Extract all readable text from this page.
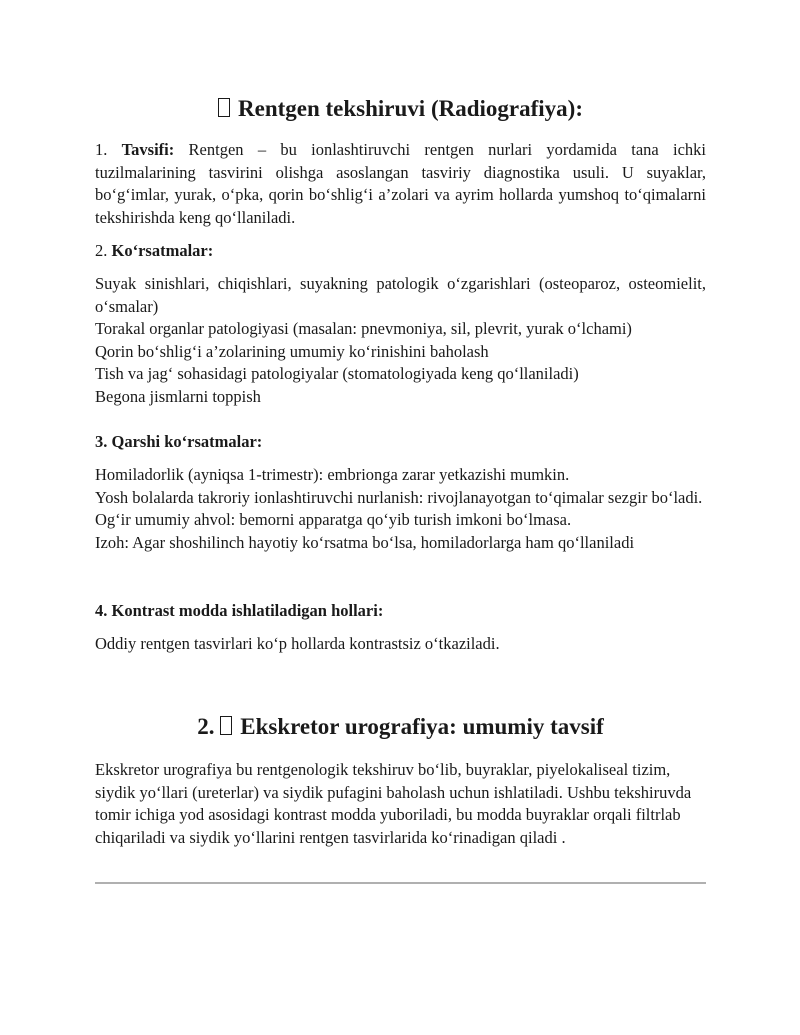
Rentgen tekshiruvi (Radiografiya):
1. Tavsifi: Rentgen – bu ionlashtiruvchi rentgen nurlari yordamida tana ichki tuzilmalarining tasvirini olishga asoslangan tasviriy diagnostika usuli. U suyaklar, bo‘g‘imlar, yurak, o‘pka, qorin bo‘shlig‘i a’zolari va ayrim hollarda yumshoq to‘qimalarni tekshirishda keng qo‘llaniladi.
2. Ko‘rsatmalar:
Suyak sinishlari, chiqishlari, suyakning patologik o‘zgarishlari (osteoparoz, osteomielit, o‘smalar)
Torakal organlar patologiyasi (masalan: pnevmoniya, sil, plevrit, yurak o‘lchami)
Qorin bo‘shlig‘i a’zolarining umumiy ko‘rinishini baholash
Tish va jag‘ sohasidagi patologiyalar (stomatologiyada keng qo‘llaniladi)
Begona jismlarni toppish
3. Qarshi ko‘rsatmalar:
Homiladorlik (ayniqsa 1-trimestr): embrionga zarar yetkazishi mumkin.
Yosh bolalarda takroriy ionlashtiruvchi nurlanish: rivojlanayotgan to‘qimalar sezgir bo‘ladi.
Og‘ir umumiy ahvol: bemorni apparatga qo‘yib turish imkoni bo‘lmasa.
Izoh: Agar shoshilinch hayotiy ko‘rsatma bo‘lsa, homiladorlarga ham qo‘llaniladi
4. Kontrast modda ishlatiladigan hollari:
Oddiy rentgen tasvirlari ko‘p hollarda kontrastsiz o‘tkaziladi.
2. Ekskretor urografiya: umumiy tavsif
Ekskretor urografiya bu rentgenologik tekshiruv bo‘lib, buyraklar, piyelokaliseal tizim, siydik yo‘llari (ureterlar) va siydik pufagini baholash uchun ishlatiladi. Ushbu tekshiruvda tomir ichiga yod asosidagi kontrast modda yuboriladi, bu modda buyraklar orqali filtrlab chiqariladi va siydik yo‘llarini rentgen tasvirlarida ko‘rinadigan qiladi .
